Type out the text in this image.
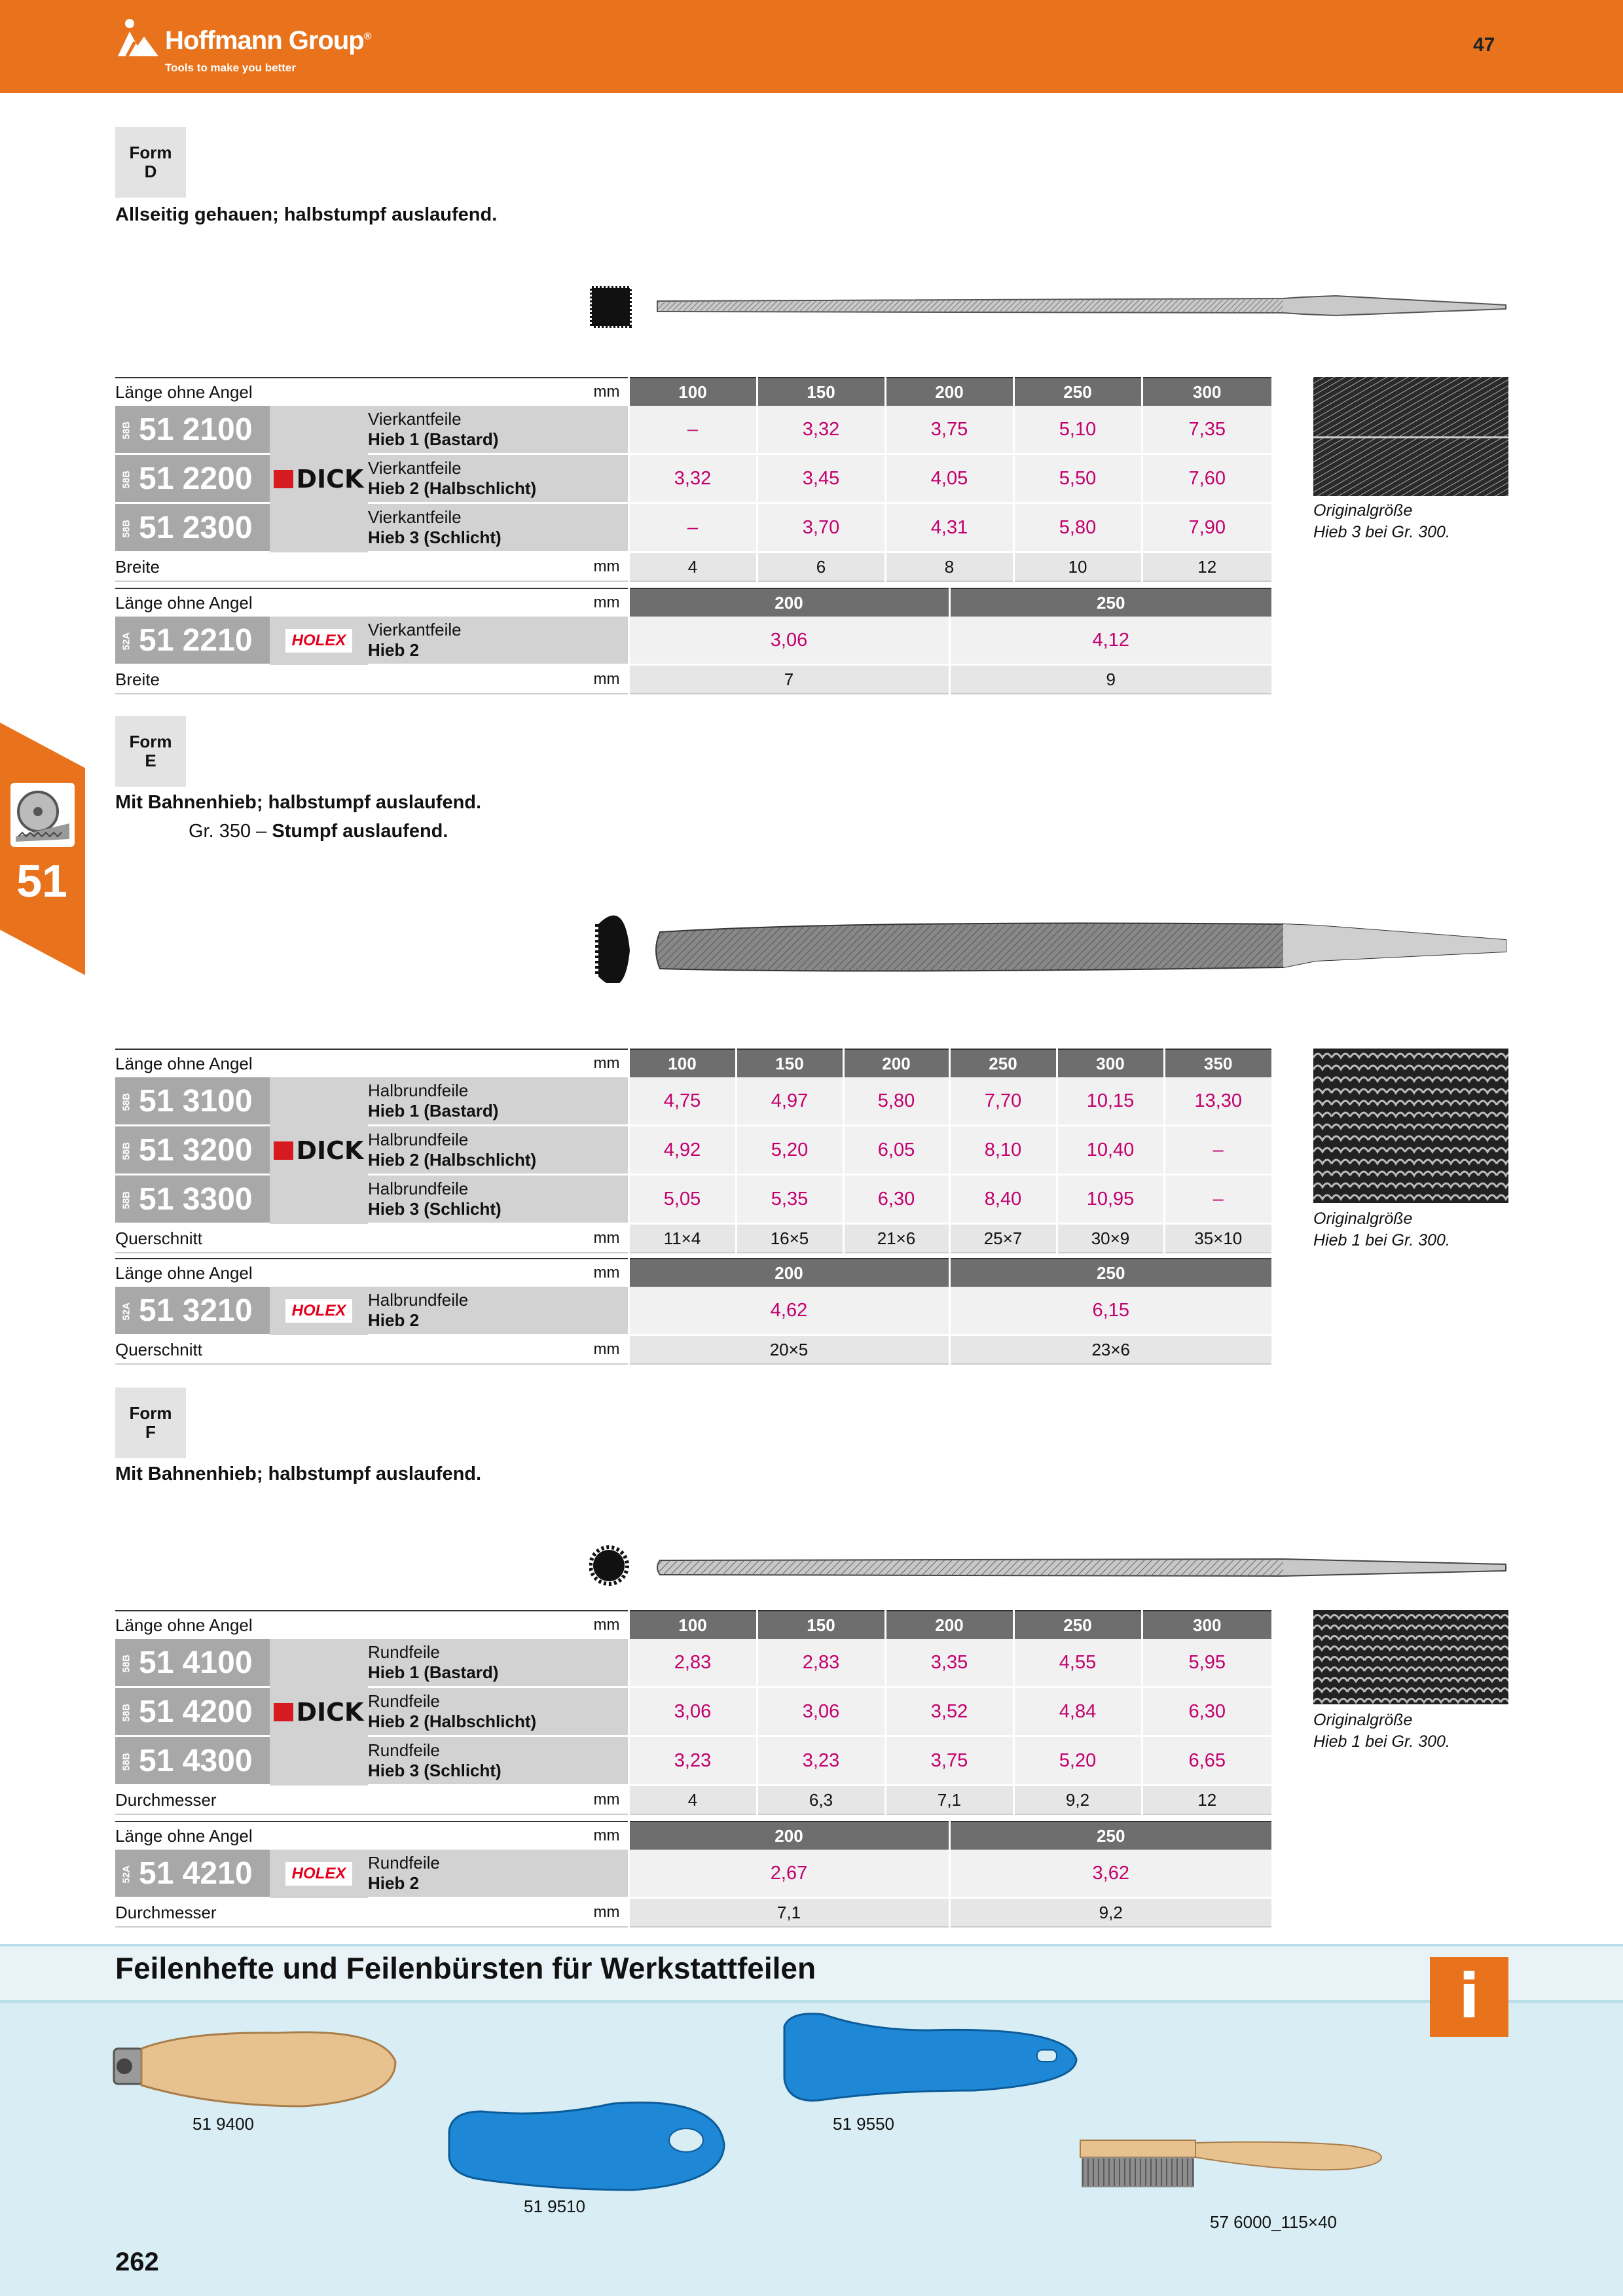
Hoffmann Group®
Tools to make you better
47	DEE
51
Form
D
Allseitig gehauen; halbstumpf auslaufend.
Länge ohne Angel		mm	100	150	200	250	300
58B 51 2100	DICK	Vierkantfeile
Hieb 1 (Bastard)	–	3,32	3,75	5,10	7,35
58B 51 2200		Vierkantfeile
Hieb 2 (Halbschlicht)	3,32	3,45	4,05	5,50	7,60
58B 51 2300		Vierkantfeile
Hieb 3 (Schlicht)	–	3,70	4,31	5,80	7,90
Breite		mm	4	6	8	10	12
Länge ohne Angel		mm	200	250
52A 51 2210	HOLEX	Vierkantfeile
Hieb 2	3,06	4,12
Breite		mm	7	9
Originalgröße
Hieb 3 bei Gr. 300.
Form
E
Mit Bahnenhieb; halbstumpf auslaufend.
Gr. 350 – Stumpf auslaufend.
Länge ohne Angel		mm	100	150	200	250	300	350
58B 51 3100	DICK	Halbrundfeile
Hieb 1 (Bastard)	4,75	4,97	5,80	7,70	10,15	13,30
58B 51 3200		Halbrundfeile
Hieb 2 (Halbschlicht)	4,92	5,20	6,05	8,10	10,40	–
58B 51 3300		Halbrundfeile
Hieb 3 (Schlicht)	5,05	5,35	6,30	8,40	10,95	–
Querschnitt		mm	11×4	16×5	21×6	25×7	30×9	35×10
Länge ohne Angel		mm	200	250
52A 51 3210	HOLEX	Halbrundfeile
Hieb 2	4,62	6,15
Querschnitt		mm	20×5	23×6
Originalgröße
Hieb 1 bei Gr. 300.
Form
F
Mit Bahnenhieb; halbstumpf auslaufend.
Länge ohne Angel		mm	100	150	200	250	300
58B 51 4100	DICK	Rundfeile
Hieb 1 (Bastard)	2,83	2,83	3,35	4,55	5,95
58B 51 4200		Rundfeile
Hieb 2 (Halbschlicht)	3,06	3,06	3,52	4,84	6,30
58B 51 4300		Rundfeile
Hieb 3 (Schlicht)	3,23	3,23	3,75	5,20	6,65
Durchmesser		mm	4	6,3	7,1	9,2	12
Länge ohne Angel		mm	200	250
52A 51 4210	HOLEX	Rundfeile
Hieb 2	2,67	3,62
Durchmesser		mm	7,1	9,2
Originalgröße
Hieb 1 bei Gr. 300.
Feilenhefte und Feilenbürsten für Werkstattfeilen	i
51 9400
51 9510
51 9550
57 6000_115×40
262
